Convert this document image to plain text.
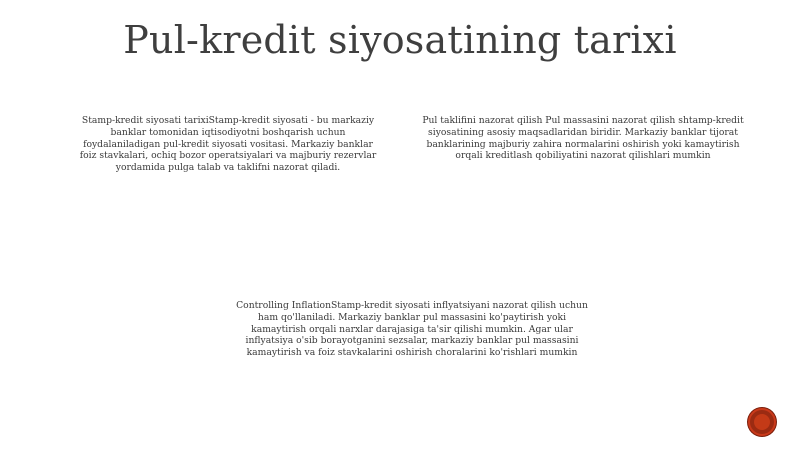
Pul-kredit siyosatining tarixi
Stamp-kredit siyosati tarixiStamp-kredit siyosati - bu markaziy banklar tomonidan iqtisodiyotni boshqarish uchun foydalaniladigan pul-kredit siyosati vositasi. Markaziy banklar foiz stavkalari, ochiq bozor operatsiyalari va majburiy rezervlar yordamida pulga talab va taklifni nazorat qiladi.
Pul taklifini nazorat qilish Pul massasini nazorat qilish shtamp-kredit siyosatining asosiy maqsadlaridan biridir. Markaziy banklar tijorat banklarining majburiy zahira normalarini oshirish yoki kamaytirish orqali kreditlash qobiliyatini nazorat qilishlari mumkin
Controlling InflationStamp-kredit siyosati inflyatsiyani nazorat qilish uchun ham qo'llaniladi. Markaziy banklar pul massasini ko'paytirish yoki kamaytirish orqali narxlar darajasiga ta'sir qilishi mumkin. Agar ular inflyatsiya o'sib borayotganini sezsalar, markaziy banklar pul massasini kamaytirish va foiz stavkalarini oshirish choralarini ko'rishlari mumkin
